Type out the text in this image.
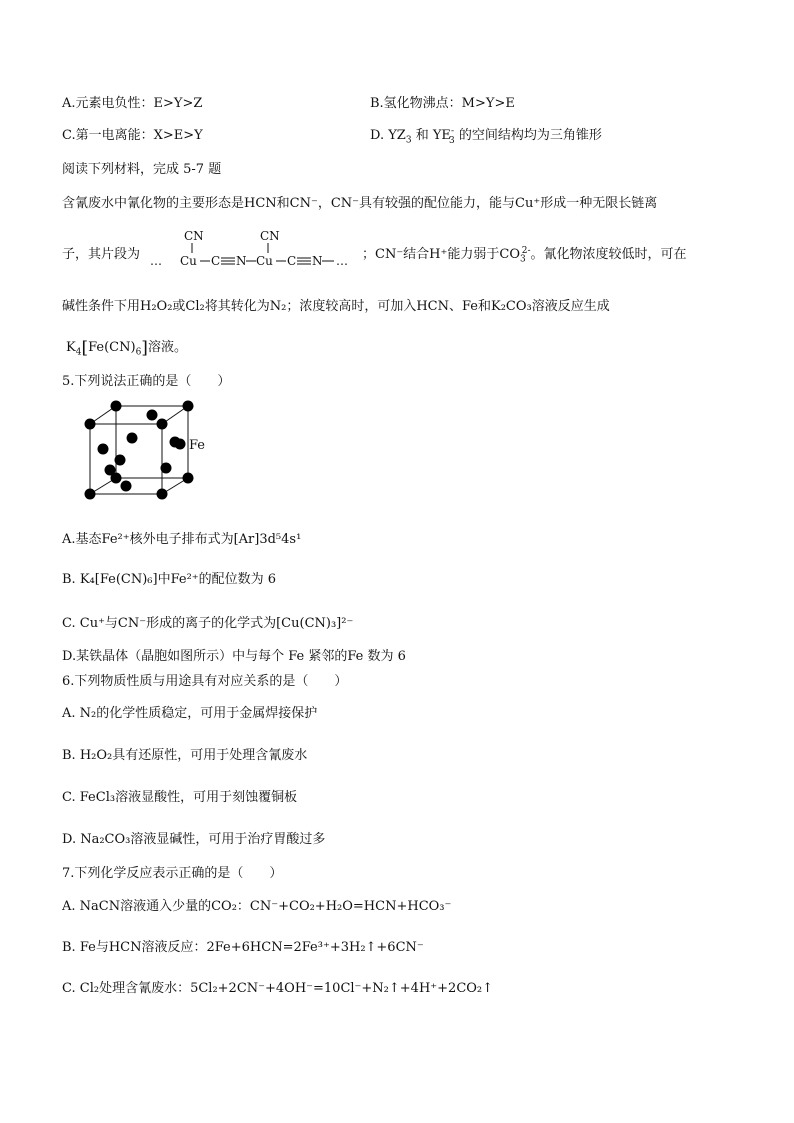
A.元素电负性：E>Y>Z	B.氢化物沸点：M>Y>E
C.第一电离能：X>E>Y	D. $YZ_3$ 和 $YE^-_3$ 的空间结构均为三角锥形
阅读下列材料，完成 5-7 题
含氰废水中氰化物的主要形态是HCN和CN⁻，CN⁻具有较强的配位能力，能与Cu⁺形成一种无限长链离
子，其片段为
CN	CN
… Cu C N Cu C N … ；CN⁻结合H⁺能力弱于$CO_3^{2-}$。氰化物浓度较低时，可在
碱性条件下用H₂O₂或Cl₂将其转化为N₂；浓度较高时，可加入HCN、Fe和K₂CO₃溶液反应生成
$K_4[Fe(CN)_6]$溶液。
5.下列说法正确的是（　　）
Fe
A.基态Fe²⁺核外电子排布式为[Ar]3d⁵4s¹
B. K₄[Fe(CN)₆]中Fe²⁺的配位数为 6
C. Cu⁺与CN⁻形成的离子的化学式为[Cu(CN)₃]²⁻
D.某铁晶体（晶胞如图所示）中与每个 Fe 紧邻的Fe 数为 6
6.下列物质性质与用途具有对应关系的是（　　）
A. N₂的化学性质稳定，可用于金属焊接保护
B. H₂O₂具有还原性，可用于处理含氰废水
C. FeCl₃溶液显酸性，可用于刻蚀覆铜板
D. Na₂CO₃溶液显碱性，可用于治疗胃酸过多
7.下列化学反应表示正确的是（　　）
A. NaCN溶液通入少量的CO₂：CN⁻+CO₂+H₂O=HCN+HCO₃⁻
B. Fe与HCN溶液反应：2Fe+6HCN=2Fe³⁺+3H₂↑+6CN⁻
C. Cl₂处理含氰废水：5Cl₂+2CN⁻+4OH⁻=10Cl⁻+N₂↑+4H⁺+2CO₂↑
